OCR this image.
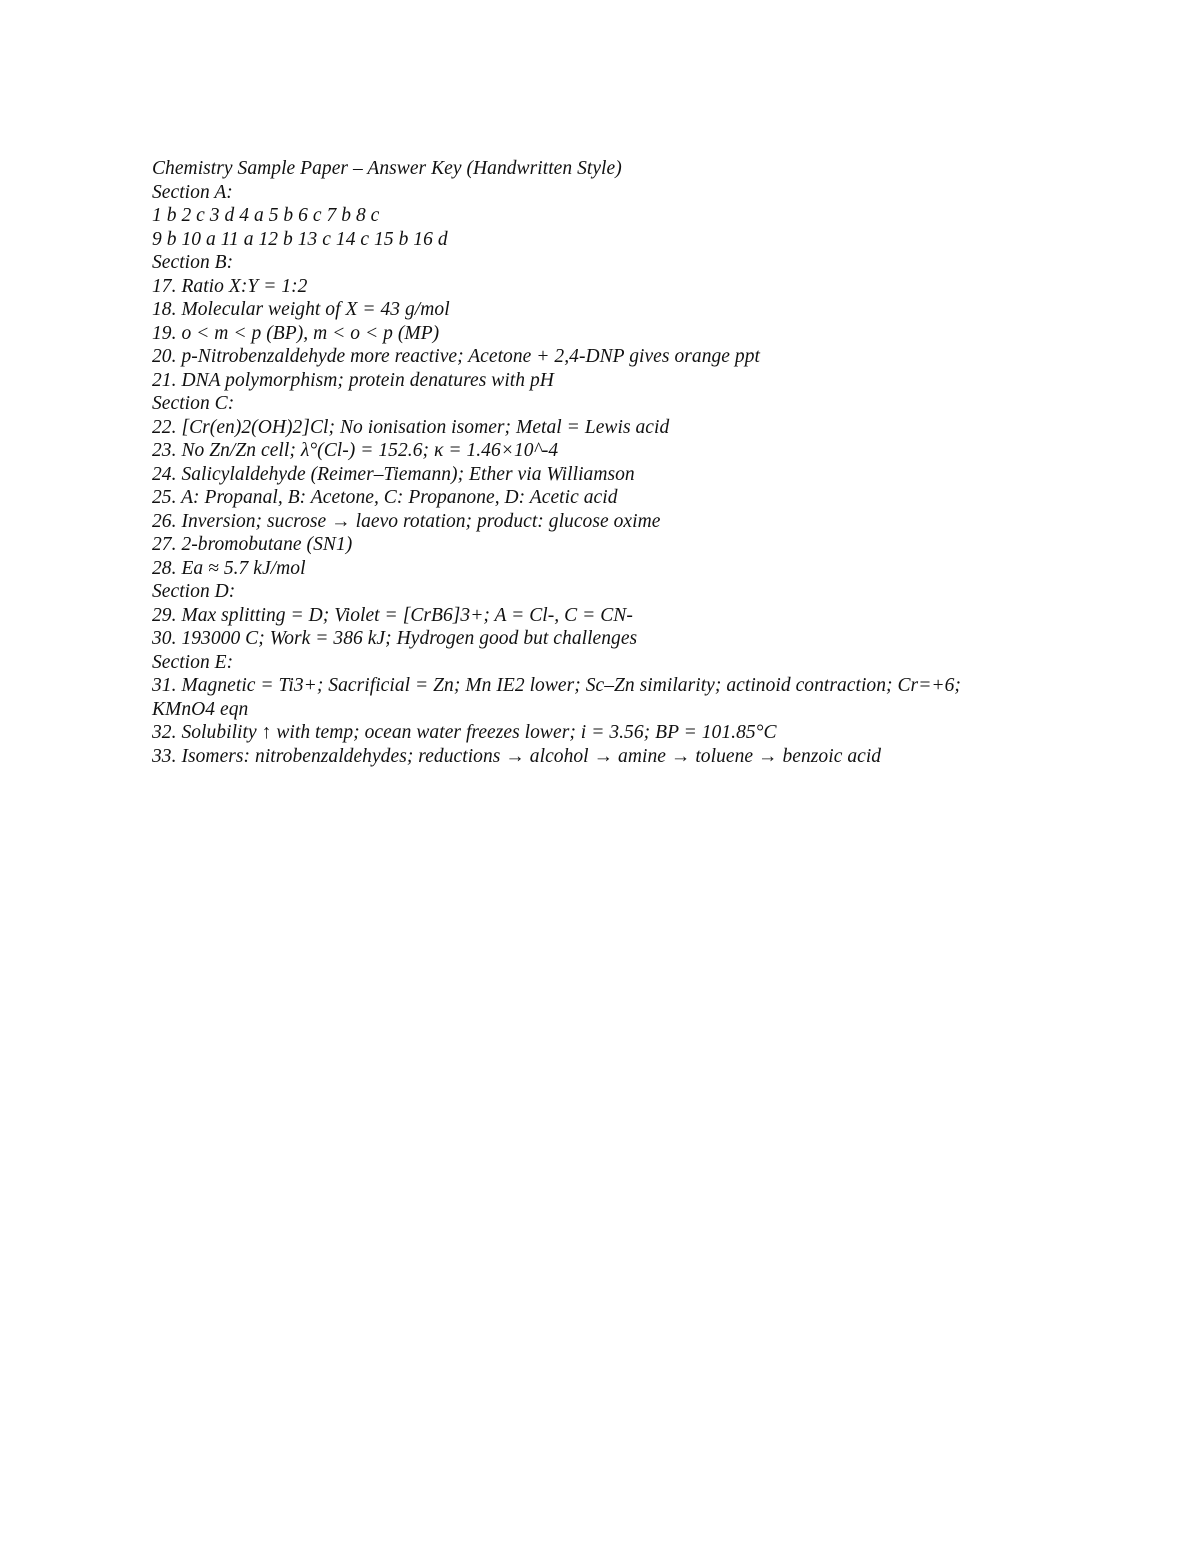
Chemistry Sample Paper – Answer Key (Handwritten Style)
Section A:
1 b 2 c 3 d 4 a 5 b 6 c 7 b 8 c
9 b 10 a 11 a 12 b 13 c 14 c 15 b 16 d
Section B:
17. Ratio X:Y = 1:2
18. Molecular weight of X = 43 g/mol
19. o < m < p (BP), m < o < p (MP)
20. p-Nitrobenzaldehyde more reactive; Acetone + 2,4-DNP gives orange ppt
21. DNA polymorphism; protein denatures with pH
Section C:
22. [Cr(en)2(OH)2]Cl; No ionisation isomer; Metal = Lewis acid
23. No Zn/Zn cell; λ°(Cl-) = 152.6; κ = 1.46×10^-4
24. Salicylaldehyde (Reimer–Tiemann); Ether via Williamson
25. A: Propanal, B: Acetone, C: Propanone, D: Acetic acid
26. Inversion; sucrose → laevo rotation; product: glucose oxime
27. 2-bromobutane (SN1)
28. Ea ≈ 5.7 kJ/mol
Section D:
29. Max splitting = D; Violet = [CrB6]3+; A = Cl-, C = CN-
30. 193000 C; Work = 386 kJ; Hydrogen good but challenges
Section E:
31. Magnetic = Ti3+; Sacrificial = Zn; Mn IE2 lower; Sc–Zn similarity; actinoid contraction; Cr=+6;
KMnO4 eqn
32. Solubility ↑ with temp; ocean water freezes lower; i = 3.56; BP = 101.85°C
33. Isomers: nitrobenzaldehydes; reductions → alcohol → amine → toluene → benzoic acid
